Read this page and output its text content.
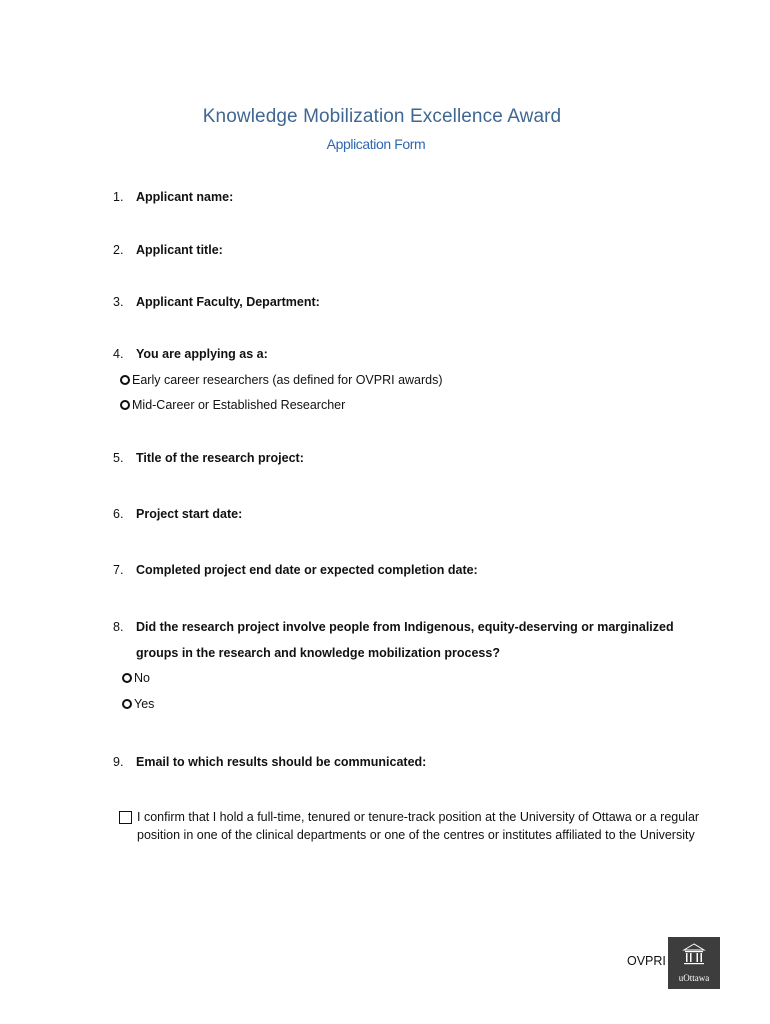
Knowledge Mobilization Excellence Award
Application Form
1. Applicant name:
2. Applicant title:
3. Applicant Faculty, Department:
4. You are applying as a:
Early career researchers (as defined for OVPRI awards)
Mid-Career or Established Researcher
5. Title of the research project:
6. Project start date:
7. Completed project end date or expected completion date:
8. Did the research project involve people from Indigenous, equity-deserving or marginalized
groups in the research and knowledge mobilization process?
No
Yes
9. Email to which results should be communicated:
I confirm that I hold a full-time, tenured or tenure-track position at the University of Ottawa or a regular position in one of the clinical departments or one of the centres or institutes affiliated to the University
OVPRI
uOttawa
